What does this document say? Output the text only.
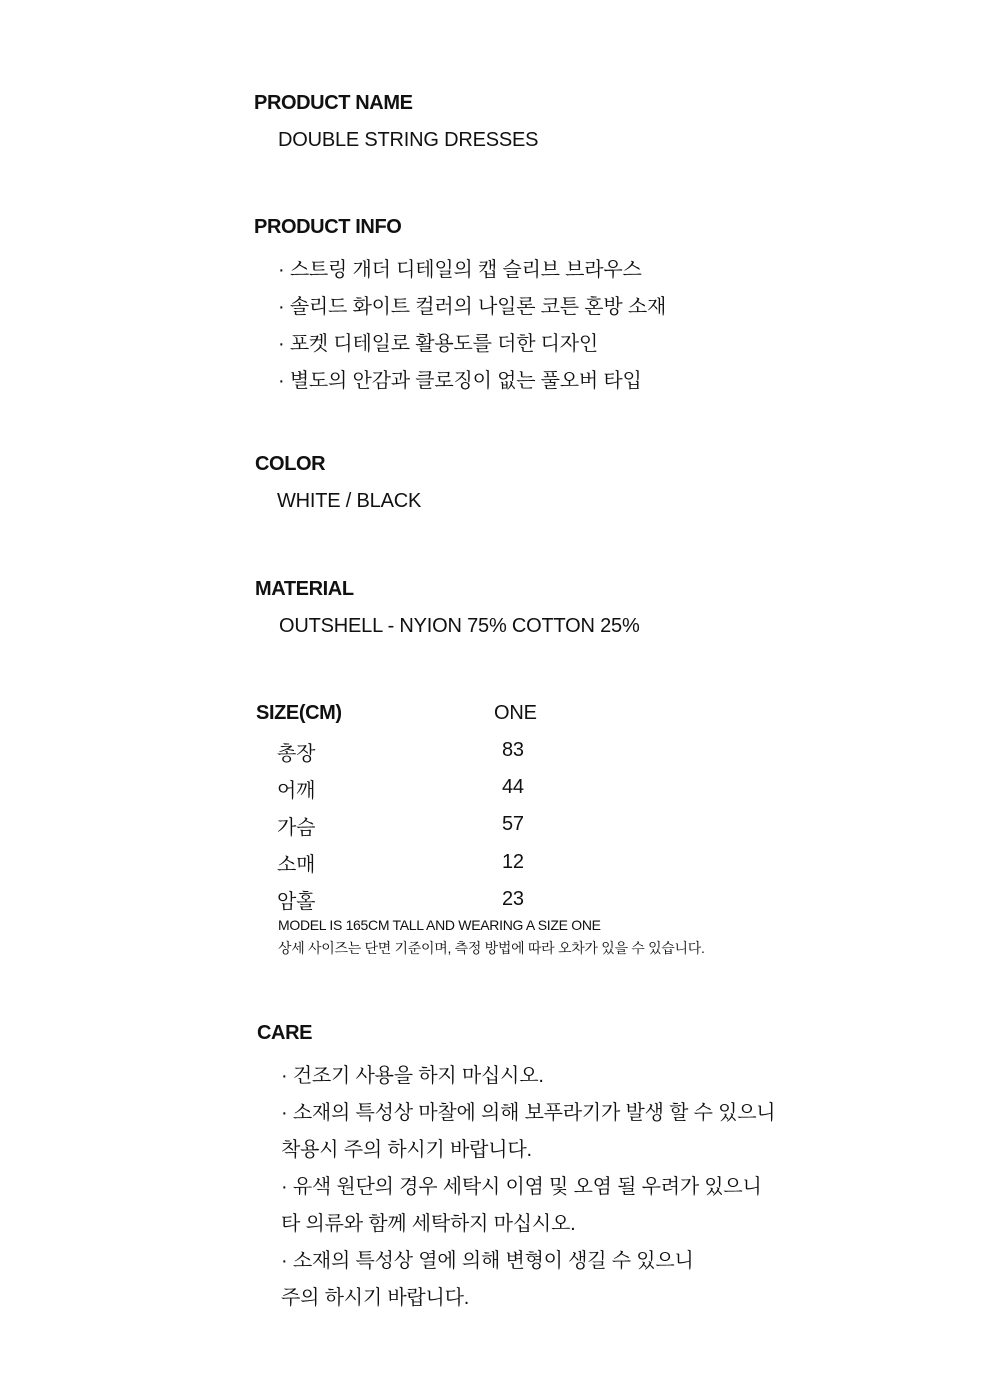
PRODUCT NAME
DOUBLE STRING DRESSES
PRODUCT INFO
· 스트링 개더 디테일의 캡 슬리브 브라우스
· 솔리드 화이트 컬러의 나일론 코튼 혼방 소재
· 포켓 디테일로 활용도를 더한 디자인
· 별도의 안감과 클로징이 없는 풀오버 타입
COLOR
WHITE / BLACK
MATERIAL
OUTSHELL - NYION 75% COTTON 25%
SIZE(CM)	ONE
총장	83
어깨	44
가슴	57
소매	12
암홀	23
MODEL IS 165CM TALL AND WEARING A SIZE ONE
상세 사이즈는 단면 기준이며, 측정 방법에 따라 오차가 있을 수 있습니다.
CARE
· 건조기 사용을 하지 마십시오.
· 소재의 특성상 마찰에 의해 보푸라기가 발생 할 수 있으니
착용시 주의 하시기 바랍니다.
· 유색 원단의 경우 세탁시 이염 및 오염 될 우려가 있으니
타 의류와 함께 세탁하지 마십시오.
· 소재의 특성상 열에 의해 변형이 생길 수 있으니
주의 하시기 바랍니다.
